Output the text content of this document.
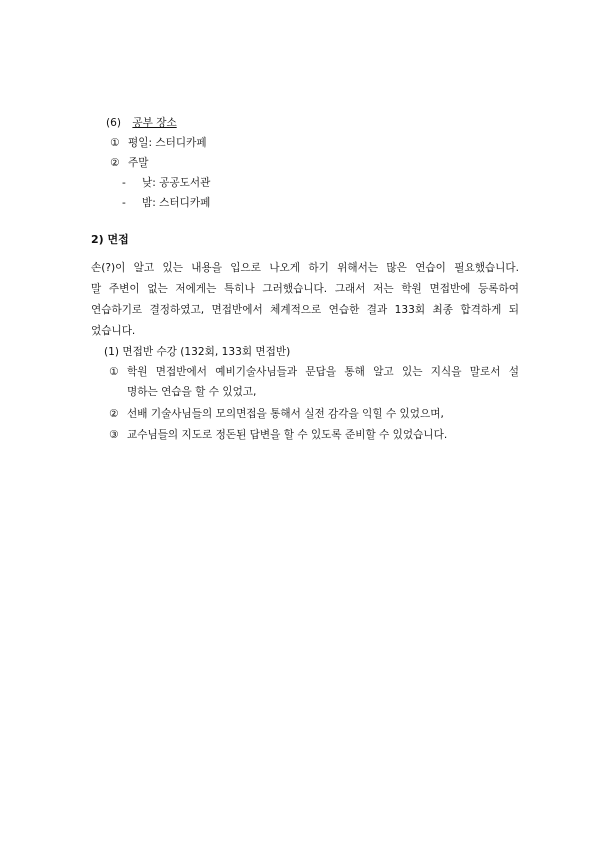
(6) 공부 장소
① 평일: 스터디카페
② 주말
- 낮: 공공도서관
- 밤: 스터디카페
2) 면접
손(?)이 알고 있는 내용을 입으로 나오게 하기 위해서는 많은 연습이 필요했습니다.
말 주변이 없는 저에게는 특히나 그러했습니다. 그래서 저는 학원 면접반에 등록하여
연습하기로 결정하였고, 면접반에서 체계적으로 연습한 결과 133회 최종 합격하게 되
었습니다.
(1) 면접반 수강 (132회, 133회 면접반)
① 학원 면접반에서 예비기술사님들과 문답을 통해 알고 있는 지식을 말로서 설
명하는 연습을 할 수 있었고,
② 선배 기술사님들의 모의면접을 통해서 실전 감각을 익힐 수 있었으며,
③ 교수님들의 지도로 정돈된 답변을 할 수 있도록 준비할 수 있었습니다.
